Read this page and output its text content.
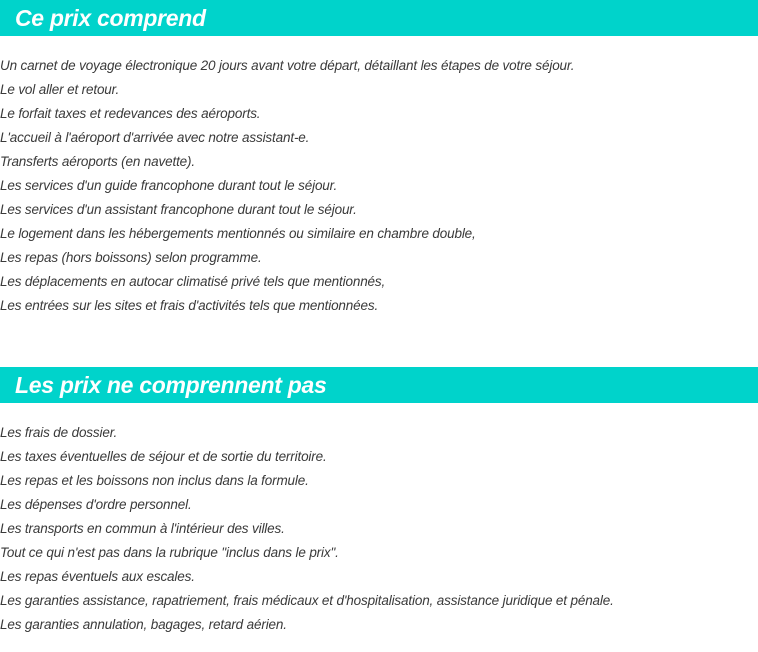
Ce prix comprend
Un carnet de voyage électronique 20 jours avant votre départ, détaillant les étapes de votre séjour.
Le vol aller et retour.
Le forfait taxes et redevances des aéroports.
L'accueil à l'aéroport d'arrivée avec notre assistant-e.
Transferts aéroports (en navette).
Les services d'un guide francophone durant tout le séjour.
Les services d'un assistant francophone durant tout le séjour.
Le logement dans les hébergements mentionnés ou similaire en chambre double,
Les repas (hors boissons) selon programme.
Les déplacements en autocar climatisé privé tels que mentionnés,
Les entrées sur les sites et frais d'activités tels que mentionnées.
Les prix ne comprennent pas
Les frais de dossier.
Les taxes éventuelles de séjour et de sortie du territoire.
Les repas et les boissons non inclus dans la formule.
Les dépenses d'ordre personnel.
Les transports en commun à l'intérieur des villes.
Tout ce qui n'est pas dans la rubrique "inclus dans le prix".
Les repas éventuels aux escales.
Les garanties assistance, rapatriement, frais médicaux et d'hospitalisation, assistance juridique et pénale.
Les garanties annulation, bagages, retard aérien.
